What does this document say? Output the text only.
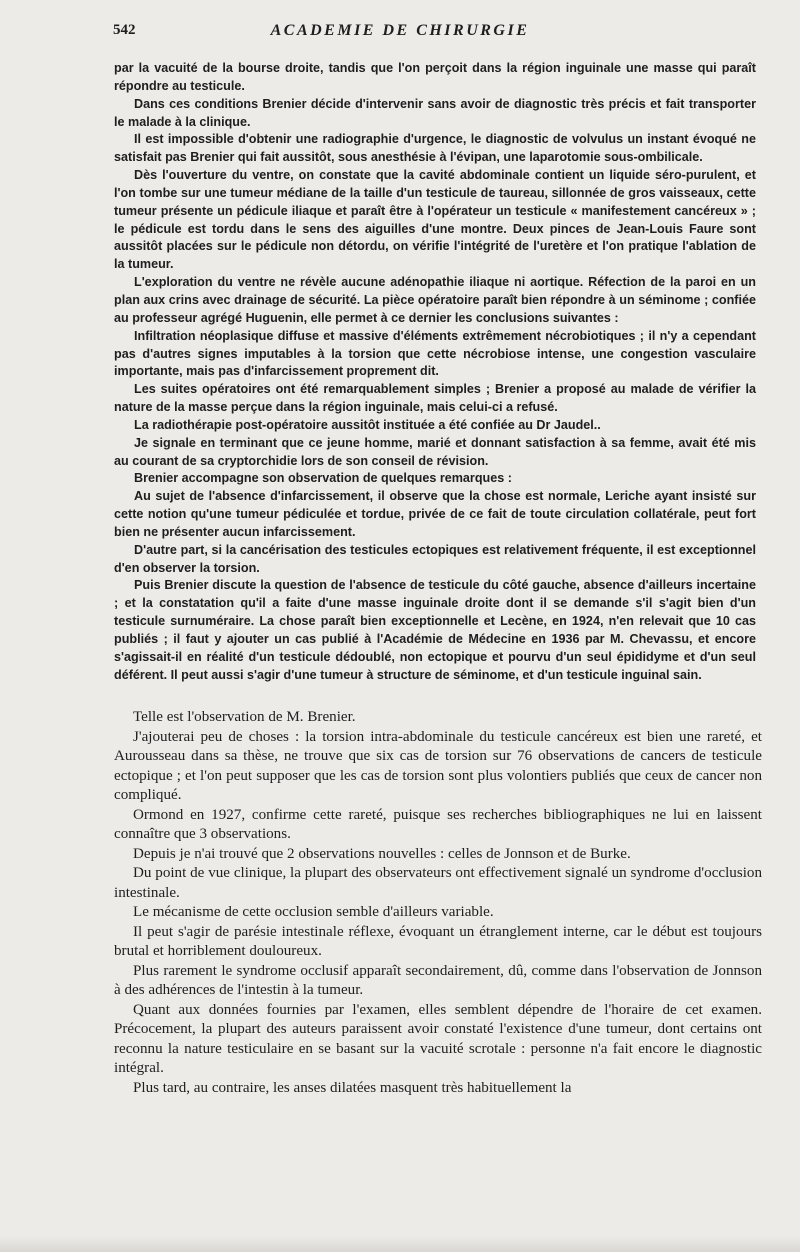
542	ACADEMIE DE CHIRURGIE

par la vacuité de la bourse droite, tandis que l'on perçoit dans la région inguinale une masse qui paraît répondre au testicule.

Dans ces conditions Brenier décide d'intervenir sans avoir de diagnostic très précis et fait transporter le malade à la clinique.

Il est impossible d'obtenir une radiographie d'urgence, le diagnostic de volvulus un instant évoqué ne satisfait pas Brenier qui fait aussitôt, sous anesthésie à l'évipan, une laparotomie sous-ombilicale.

Dès l'ouverture du ventre, on constate que la cavité abdominale contient un liquide séro-purulent, et l'on tombe sur une tumeur médiane de la taille d'un testicule de taureau, sillonnée de gros vaisseaux, cette tumeur présente un pédicule iliaque et paraît être à l'opérateur un testicule « manifestement cancéreux » ; le pédicule est tordu dans le sens des aiguilles d'une montre. Deux pinces de Jean-Louis Faure sont aussitôt placées sur le pédicule non détordu, on vérifie l'intégrité de l'uretère et l'on pratique l'ablation de la tumeur.

L'exploration du ventre ne révèle aucune adénopathie iliaque ni aortique. Réfection de la paroi en un plan aux crins avec drainage de sécurité. La pièce opératoire paraît bien répondre à un séminome ; confiée au professeur agrégé Huguenin, elle permet à ce dernier les conclusions suivantes :

Infiltration néoplasique diffuse et massive d'éléments extrêmement nécrobiotiques ; il n'y a cependant pas d'autres signes imputables à la torsion que cette nécrobiose intense, une congestion vasculaire importante, mais pas d'infarcissement proprement dit.

Les suites opératoires ont été remarquablement simples ; Brenier a proposé au malade de vérifier la nature de la masse perçue dans la région inguinale, mais celui-ci a refusé.

La radiothérapie post-opératoire aussitôt instituée a été confiée au Dr Jaudel..

Je signale en terminant que ce jeune homme, marié et donnant satisfaction à sa femme, avait été mis au courant de sa cryptorchidie lors de son conseil de révision.

Brenier accompagne son observation de quelques remarques :

Au sujet de l'absence d'infarcissement, il observe que la chose est normale, Leriche ayant insisté sur cette notion qu'une tumeur pédiculée et tordue, privée de ce fait de toute circulation collatérale, peut fort bien ne présenter aucun infarcissement.

D'autre part, si la cancérisation des testicules ectopiques est relativement fréquente, il est exceptionnel d'en observer la torsion.

Puis Brenier discute la question de l'absence de testicule du côté gauche, absence d'ailleurs incertaine ; et la constatation qu'il a faite d'une masse inguinale droite dont il se demande s'il s'agit bien d'un testicule surnuméraire. La chose paraît bien exceptionnelle et Lecène, en 1924, n'en relevait que 10 cas publiés ; il faut y ajouter un cas publié à l'Académie de Médecine en 1936 par M. Chevassu, et encore s'agissait-il en réalité d'un testicule dédoublé, non ectopique et pourvu d'un seul épididyme et d'un seul déférent. Il peut aussi s'agir d'une tumeur à structure de séminome, et d'un testicule inguinal sain.

Telle est l'observation de M. Brenier.

J'ajouterai peu de choses : la torsion intra-abdominale du testicule cancéreux est bien une rareté, et Aurousseau dans sa thèse, ne trouve que six cas de torsion sur 76 observations de cancers de testicule ectopique ; et l'on peut supposer que les cas de torsion sont plus volontiers publiés que ceux de cancer non compliqué.

Ormond en 1927, confirme cette rareté, puisque ses recherches bibliographiques ne lui en laissent connaître que 3 observations.

Depuis je n'ai trouvé que 2 observations nouvelles : celles de Jonnson et de Burke.

Du point de vue clinique, la plupart des observateurs ont effectivement signalé un syndrome d'occlusion intestinale.

Le mécanisme de cette occlusion semble d'ailleurs variable.

Il peut s'agir de parésie intestinale réflexe, évoquant un étranglement interne, car le début est toujours brutal et horriblement douloureux.

Plus rarement le syndrome occlusif apparaît secondairement, dû, comme dans l'observation de Jonnson à des adhérences de l'intestin à la tumeur.

Quant aux données fournies par l'examen, elles semblent dépendre de l'horaire de cet examen. Précocement, la plupart des auteurs paraissent avoir constaté l'existence d'une tumeur, dont certains ont reconnu la nature testiculaire en se basant sur la vacuité scrotale : personne n'a fait encore le diagnostic intégral.

Plus tard, au contraire, les anses dilatées masquent très habituellement la
